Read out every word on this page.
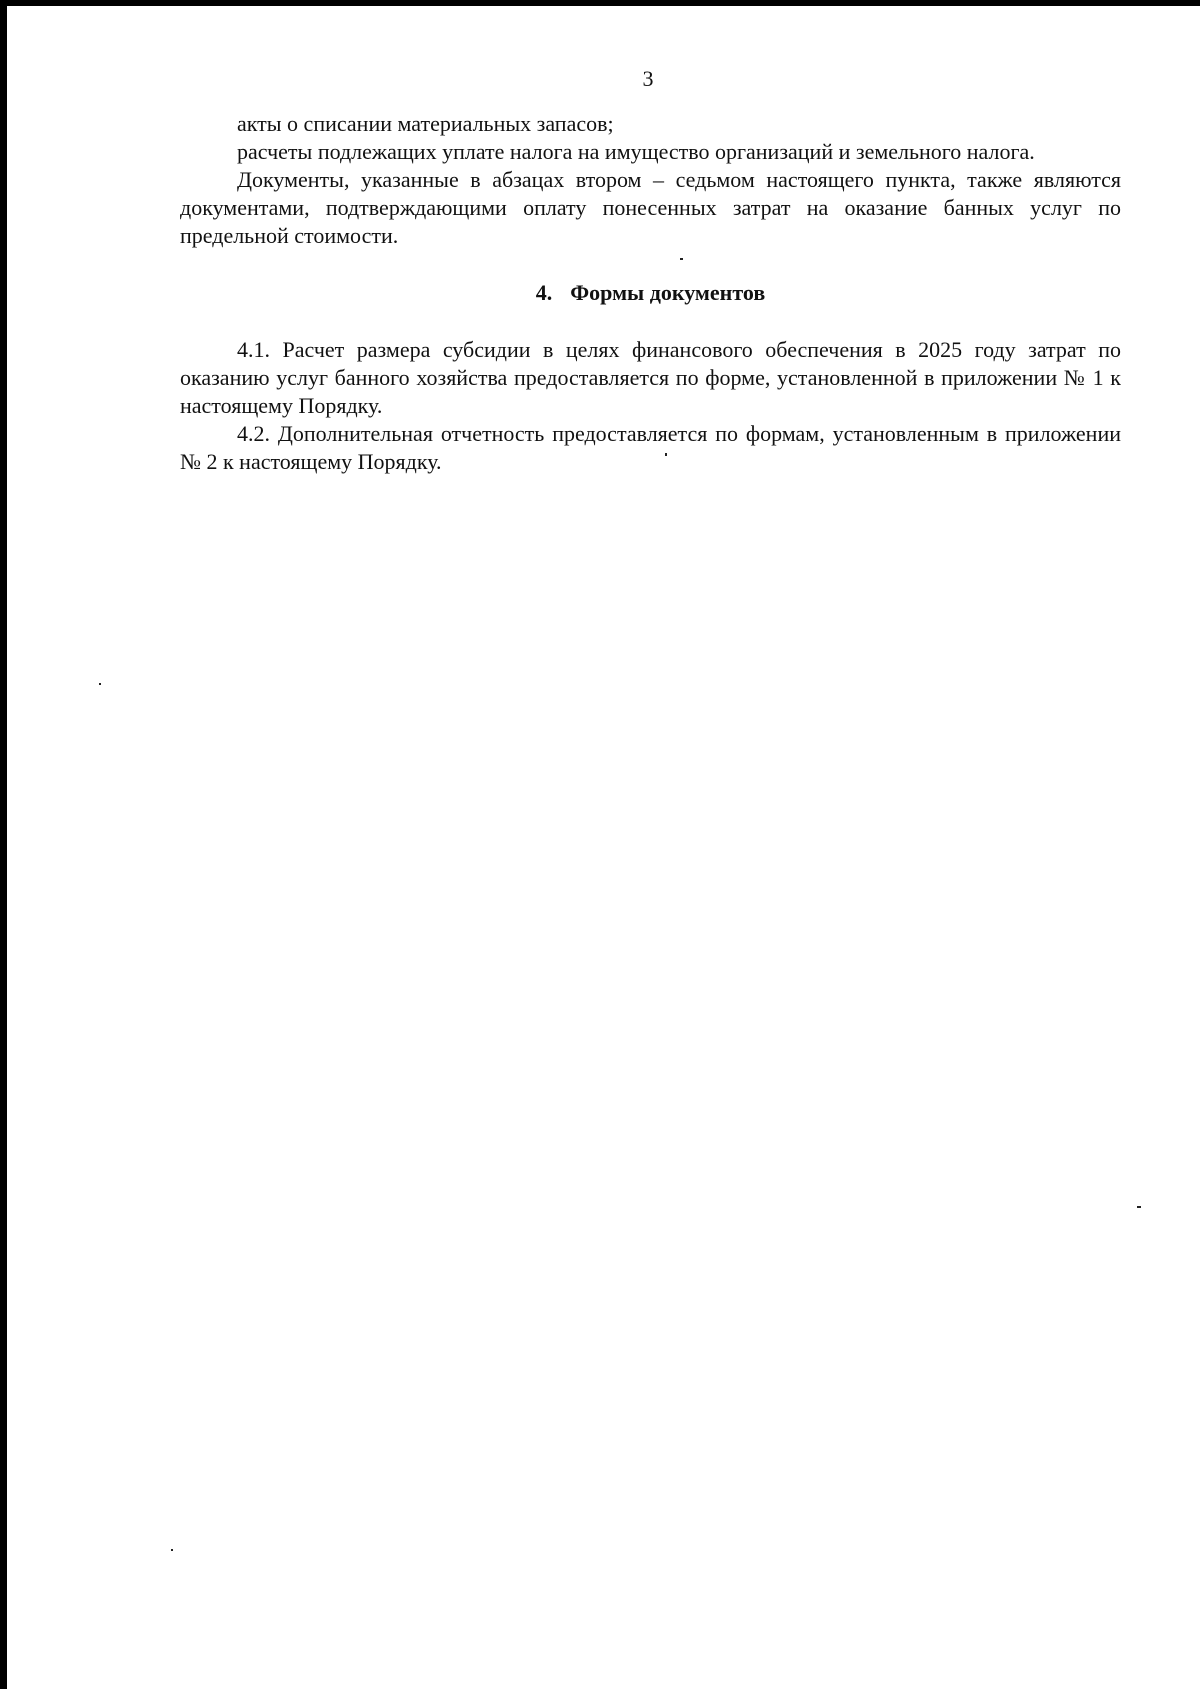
3

акты о списании материальных запасов;

расчеты подлежащих уплате налога на имущество организаций и земельного налога.

Документы, указанные в абзацах втором – седьмом настоящего пункта, также являются документами, подтверждающими оплату понесенных затрат на оказание банных услуг по предельной стоимости.

4. Формы документов

4.1. Расчет размера субсидии в целях финансового обеспечения в 2025 году затрат по оказанию услуг банного хозяйства предоставляется по форме, установленной в приложении № 1 к настоящему Порядку.

4.2. Дополнительная отчетность предоставляется по формам, установленным в приложении № 2 к настоящему Порядку.
